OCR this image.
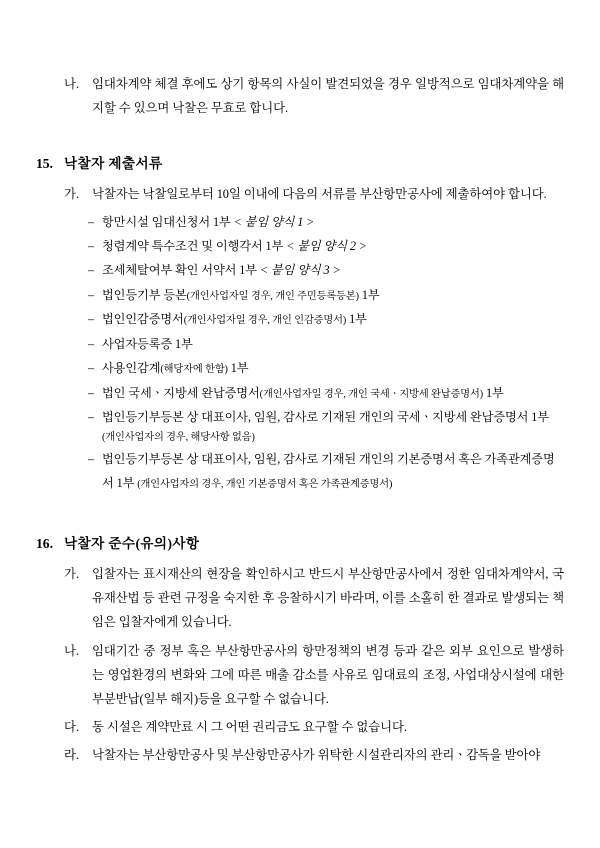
나.	임대차계약 체결 후에도 상기 항목의 사실이 발견되었을 경우 일방적으로 임대차계약을 해지할 수 있으며 낙찰은 무효로 합니다.
15. 낙찰자 제출서류
가.	낙찰자는 낙찰일로부터 10일 이내에 다음의 서류를 부산항만공사에 제출하여야 합니다.
– 항만시설 임대신청서 1부 < 붙임 양식 1 >
– 청렴계약 특수조건 및 이행각서 1부 < 붙임 양식 2 >
– 조세체탈여부 확인 서약서 1부 < 붙임 양식 3 >
– 법인등기부 등본(개인사업자일 경우, 개인 주민등록등본) 1부
– 법인인감증명서(개인사업자일 경우, 개인 인감증명서) 1부
– 사업자등록증 1부
– 사용인감계(해당자에 한함) 1부
– 법인 국세ㆍ지방세 완납증명서(개인사업자일 경우, 개인 국세ㆍ지방세 완납증명서) 1부
– 법인등기부등본 상 대표이사, 임원, 감사로 기재된 개인의 국세ㆍ지방세 완납증명서 1부
(개인사업자의 경우, 해당사항 없음)
– 법인등기부등본 상 대표이사, 임원, 감사로 기재된 개인의 기본증명서 혹은 가족관계증명서 1부 (개인사업자의 경우, 개인 기본증명서 혹은 가족관계증명서)
16. 낙찰자 준수(유의)사항
가.	입찰자는 표시재산의 현장을 확인하시고 반드시 부산항만공사에서 정한 임대차계약서, 국유재산법 등 관련 규정을 숙지한 후 응찰하시기 바라며, 이를 소홀히 한 결과로 발생되는 책임은 입찰자에게 있습니다.
나.	임대기간 중 정부 혹은 부산항만공사의 항만정책의 변경 등과 같은 외부 요인으로 발생하는 영업환경의 변화와 그에 따른 매출 감소를 사유로 임대료의 조정, 사업대상시설에 대한 부분반납(일부 해지)등을 요구할 수 없습니다.
다.	동 시설은 계약만료 시 그 어떤 권리금도 요구할 수 없습니다.
라.	낙찰자는 부산항만공사 및 부산항만공사가 위탁한 시설관리자의 관리ㆍ감독을 받아야
